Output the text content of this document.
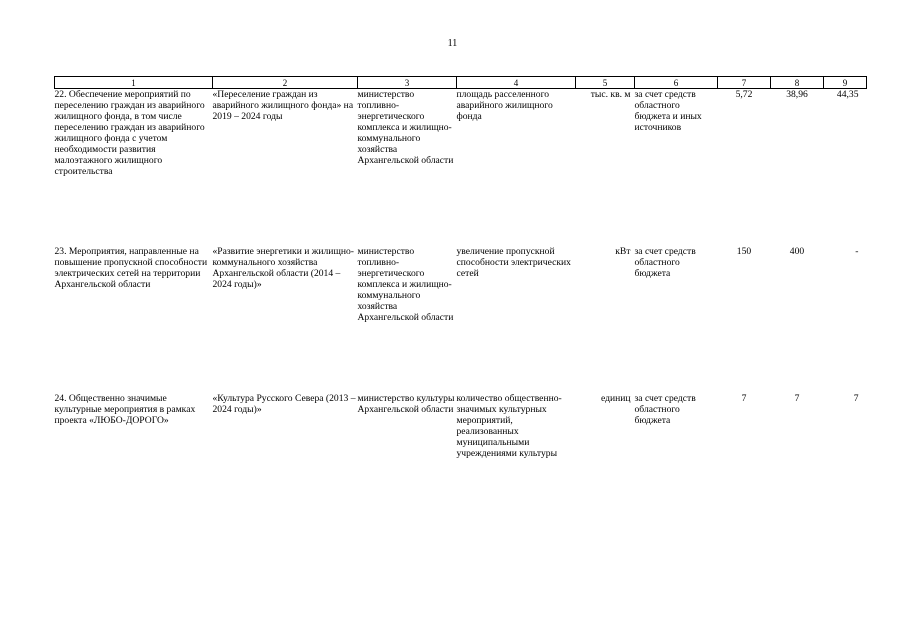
11
1	2	3	4	5	6	7	8	9
22. Обеспечение мероприятий по переселению граждан из аварийного жилищного фонда, в том числе переселению граждан из аварийного жилищного фонда с учетом необходимости развития малоэтажного жилищного строительства	«Переселение граждан из аварийного жилищного фонда» на 2019 – 2024 годы	министерство топливно-энергетического комплекса и жилищно-коммунального хозяйства Архангельской области	площадь расселенного аварийного жилищного фонда	тыс. кв. м	за счет средств областного бюджета и иных источников	5,72	38,96	44,35
23. Мероприятия, направленные на повышение пропускной способности электрических сетей на территории Архангельской области	«Развитие энергетики и жилищно-коммунального хозяйства Архангельской области (2014 – 2024 годы)»	министерство топливно-энергетического комплекса и жилищно-коммунального хозяйства Архангельской области	увеличение пропускной способности электрических сетей	кВт	за счет средств областного бюджета	150	400	-
24. Общественно значимые культурные мероприятия в рамках проекта «ЛЮБО-ДОРОГО»	«Культура Русского Севера (2013 – 2024 годы)»	министерство культуры Архангельской области	количество общественно-значимых культурных мероприятий, реализованных муниципальными учреждениями культуры	единиц	за счет средств областного бюджета	7	7	7
